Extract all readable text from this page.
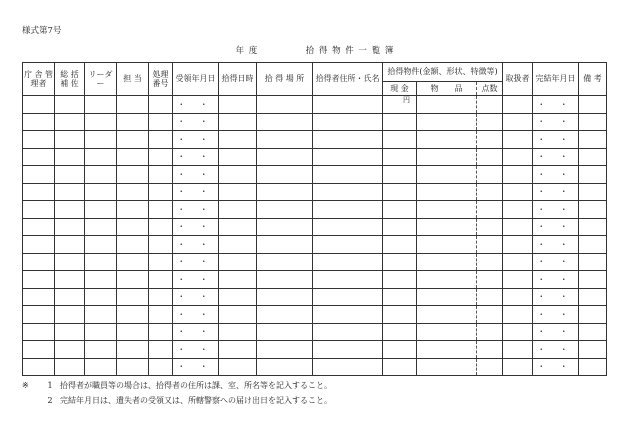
様式第7号
年 度	拾 得 物 件 一 覧 簿
庁 舎 管理者	総 括 補 佐	リーダー	担 当	処理 番号	受領年月日	拾得日時	拾 得 場 所	拾得者住所・氏名	拾得物件(金額、形状、特徴等)			取扱者	完結年月日	備 考
									現 金	物　　品	点数			
					・ ・				円				・ ・	
					・ ・								・ ・	
					・ ・								・ ・	
					・ ・								・ ・	
					・ ・								・ ・	
					・ ・								・ ・	
					・ ・								・ ・	
					・ ・								・ ・	
					・ ・								・ ・	
					・ ・								・ ・	
					・ ・								・ ・	
					・ ・								・ ・	
					・ ・								・ ・	
					・ ・								・ ・	
					・ ・								・ ・	
					・ ・								・ ・	
※	1 拾得者が職員等の場合は、拾得者の住所は課、室、所名等を記入すること。
2 完結年月日は、遺失者の受領又は、所轄警察への届け出日を記入すること。
